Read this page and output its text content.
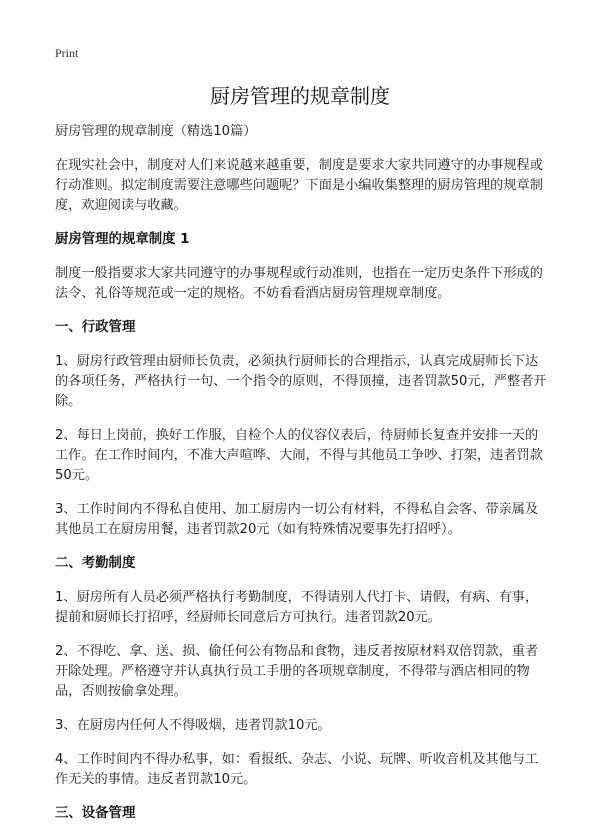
Print
厨房管理的规章制度

厨房管理的规章制度（精选10篇）

在现实社会中，制度对人们来说越来越重要，制度是要求大家共同遵守的办事规程或行动准则。拟定制度需要注意哪些问题呢？下面是小编收集整理的厨房管理的规章制度，欢迎阅读与收藏。

厨房管理的规章制度 1

制度一般指要求大家共同遵守的办事规程或行动准则，也指在一定历史条件下形成的法令、礼俗等规范或一定的规格。不妨看看酒店厨房管理规章制度。

一、行政管理

1、厨房行政管理由厨师长负责，必须执行厨师长的合理指示，认真完成厨师长下达的各项任务，严格执行一句、一个指令的原则，不得顶撞，违者罚款50元，严整者开除。

2、每日上岗前，换好工作服，自检个人的仪容仪表后，待厨师长复查并安排一天的工作。在工作时间内，不准大声喧哗、大闹，不得与其他员工争吵、打架，违者罚款50元。

3、工作时间内不得私自使用、加工厨房内一切公有材料，不得私自会客、带亲属及其他员工在厨房用餐，违者罚款20元（如有特殊情况要事先打招呼）。

二、考勤制度

1、厨房所有人员必须严格执行考勤制度，不得请别人代打卡、请假，有病、有事，提前和厨师长打招呼，经厨师长同意后方可执行。违者罚款20元。

2、不得吃、拿、送、损、偷任何公有物品和食物，违反者按原材料双倍罚款，重者开除处理。严格遵守并认真执行员工手册的各项规章制度，不得带与酒店相同的物品，否则按偷拿处理。

3、在厨房内任何人不得吸烟，违者罚款10元。

4、工作时间内不得办私事，如：看报纸、杂志、小说、玩牌、听收音机及其他与工作无关的事情。违反者罚款10元。

三、设备管理
